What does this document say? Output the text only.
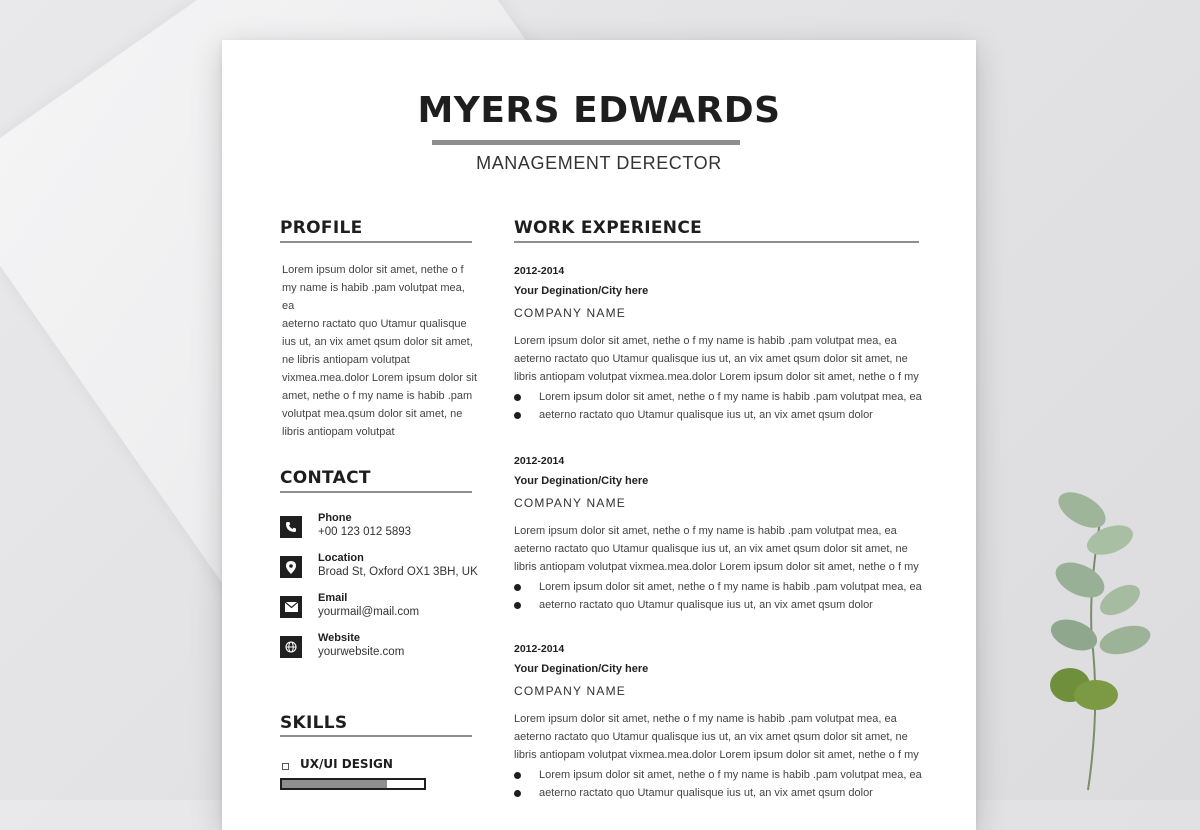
MYERS EDWARDS
MANAGEMENT DERECTOR
PROFILE
Lorem ipsum dolor sit amet, nethe o f
my name is habib .pam volutpat mea, ea
aeterno ractato quo Utamur qualisque
ius ut, an vix amet qsum dolor sit amet,
ne libris antiopam volutpat
vixmea.mea.dolor Lorem ipsum dolor sit
amet, nethe o f my name is habib .pam
volutpat mea.qsum dolor sit amet, ne
libris antiopam volutpat
CONTACT
Phone
+00 123 012 5893
Location
Broad St, Oxford OX1 3BH, UK
Email
yourmail@mail.com
Website
yourwebsite.com
SKILLS
UX/UI DESIGN
WORK EXPERIENCE
2012-2014
Your Degination/City here
COMPANY NAME
Lorem ipsum dolor sit amet, nethe o f my name is habib .pam volutpat mea, ea
aeterno ractato quo Utamur qualisque ius ut, an vix amet qsum dolor sit amet, ne
libris antiopam volutpat vixmea.mea.dolor Lorem ipsum dolor sit amet, nethe o f my
Lorem ipsum dolor sit amet, nethe o f my name is habib .pam volutpat mea, ea
aeterno ractato quo Utamur qualisque ius ut, an vix amet qsum dolor
2012-2014
Your Degination/City here
COMPANY NAME
Lorem ipsum dolor sit amet, nethe o f my name is habib .pam volutpat mea, ea
aeterno ractato quo Utamur qualisque ius ut, an vix amet qsum dolor sit amet, ne
libris antiopam volutpat vixmea.mea.dolor Lorem ipsum dolor sit amet, nethe o f my
Lorem ipsum dolor sit amet, nethe o f my name is habib .pam volutpat mea, ea
aeterno ractato quo Utamur qualisque ius ut, an vix amet qsum dolor
2012-2014
Your Degination/City here
COMPANY NAME
Lorem ipsum dolor sit amet, nethe o f my name is habib .pam volutpat mea, ea
aeterno ractato quo Utamur qualisque ius ut, an vix amet qsum dolor sit amet, ne
libris antiopam volutpat vixmea.mea.dolor Lorem ipsum dolor sit amet, nethe o f my
Lorem ipsum dolor sit amet, nethe o f my name is habib .pam volutpat mea, ea
aeterno ractato quo Utamur qualisque ius ut, an vix amet qsum dolor
